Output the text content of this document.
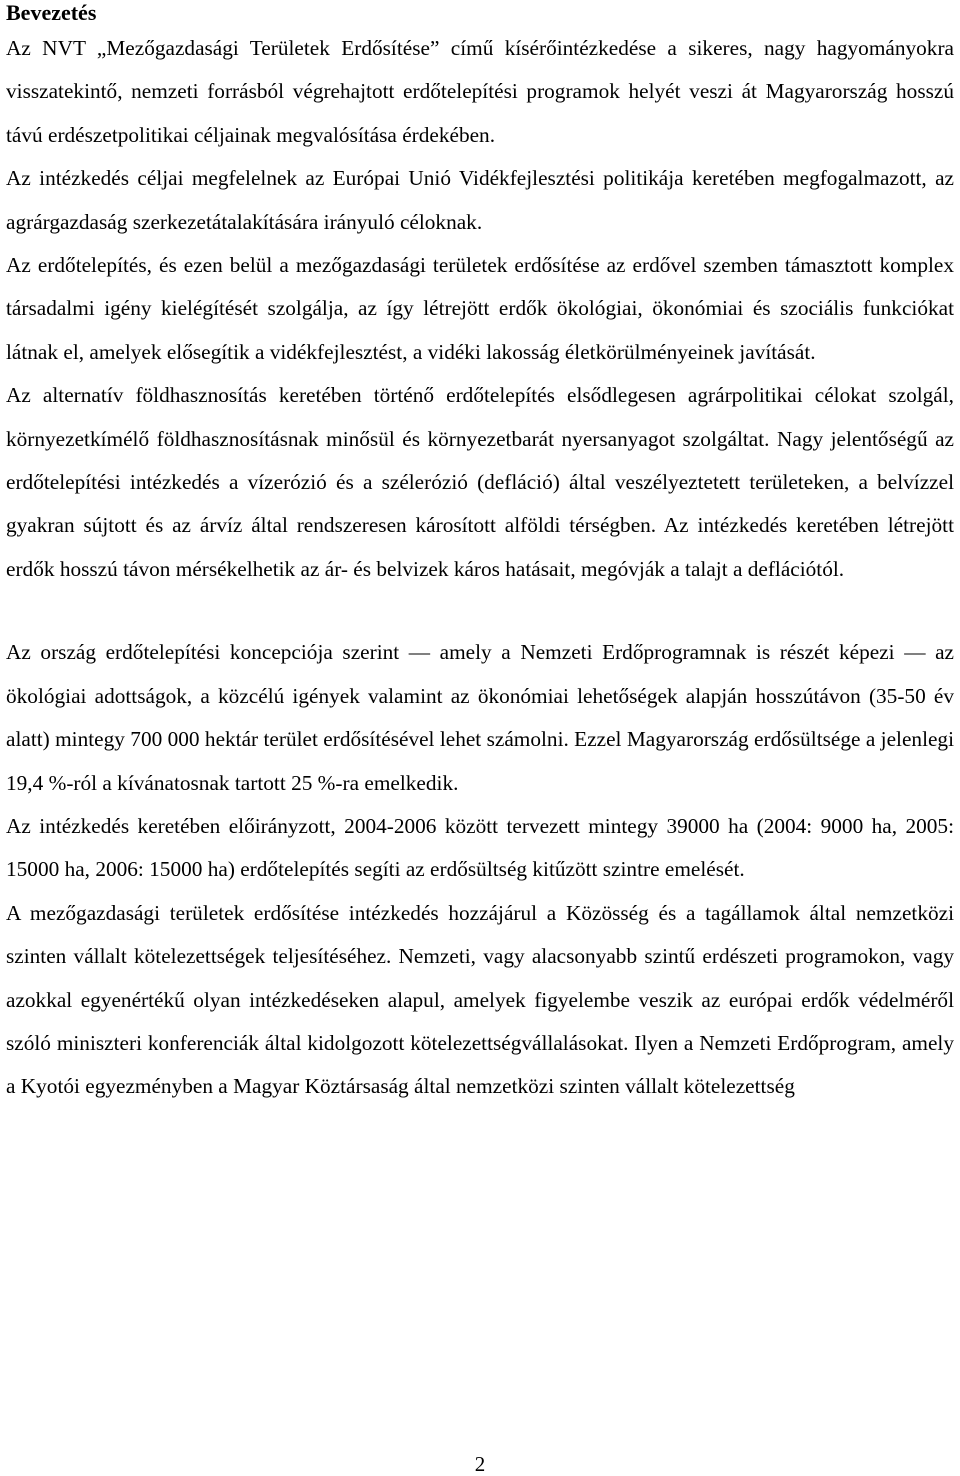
Bevezetés

Az NVT „Mezőgazdasági Területek Erdősítése” című kísérőintézkedése a sikeres, nagy hagyományokra visszatekintő, nemzeti forrásból végrehajtott erdőtelepítési programok helyét veszi át Magyarország hosszú távú erdészetpolitikai céljainak megvalósítása érdekében.

Az intézkedés céljai megfelelnek az Európai Unió Vidékfejlesztési politikája keretében megfogalmazott, az agrárgazdaság szerkezetátalakítására irányuló céloknak.

Az erdőtelepítés, és ezen belül a mezőgazdasági területek erdősítése az erdővel szemben támasztott komplex társadalmi igény kielégítését szolgálja, az így létrejött erdők ökológiai, ökonómiai és szociális funkciókat látnak el, amelyek elősegítik a vidékfejlesztést, a vidéki lakosság életkörülményeinek javítását.

Az alternatív földhasznosítás keretében történő erdőtelepítés elsődlegesen agrárpolitikai célokat szolgál, környezetkímélő földhasznosításnak minősül és környezetbarát nyersanyagot szolgáltat. Nagy jelentőségű az erdőtelepítési intézkedés a vízerózió és a szélerózió (defláció) által veszélyeztetett területeken, a belvízzel gyakran sújtott és az árvíz által rendszeresen károsított alföldi térségben. Az intézkedés keretében létrejött erdők hosszú távon mérsékelhetik az ár- és belvizek káros hatásait, megóvják a talajt a deflációtól.

Az ország erdőtelepítési koncepciója szerint — amely a Nemzeti Erdőprogramnak is részét képezi — az ökológiai adottságok, a közcélú igények valamint az ökonómiai lehetőségek alapján hosszútávon (35-50 év alatt) mintegy 700 000 hektár terület erdősítésével lehet számolni. Ezzel Magyarország erdősültsége a jelenlegi 19,4 %-ról a kívánatosnak tartott 25 %-ra emelkedik.

Az intézkedés keretében előirányzott, 2004-2006 között tervezett mintegy 39000 ha (2004: 9000 ha, 2005: 15000 ha, 2006: 15000 ha) erdőtelepítés segíti az erdősültség kitűzött szintre emelését.

A mezőgazdasági területek erdősítése intézkedés hozzájárul a Közösség és a tagállamok által nemzetközi szinten vállalt kötelezettségek teljesítéséhez. Nemzeti, vagy alacsonyabb szintű erdészeti programokon, vagy azokkal egyenértékű olyan intézkedéseken alapul, amelyek figyelembe veszik az európai erdők védelméről szóló miniszteri konferenciák által kidolgozott kötelezettségvállalásokat. Ilyen a Nemzeti Erdőprogram, amely a Kyotói egyezményben a Magyar Köztársaság által nemzetközi szinten vállalt kötelezettség

2
